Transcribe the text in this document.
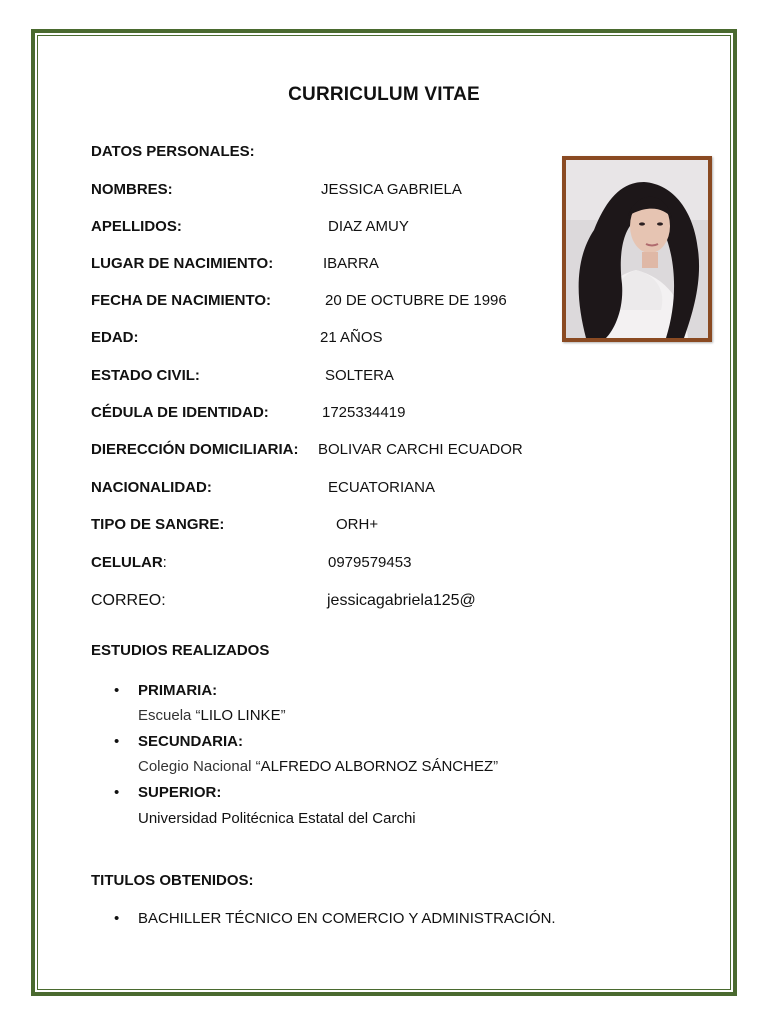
CURRICULUM VITAE
DATOS PERSONALES:
NOMBRES:	JESSICA GABRIELA
APELLIDOS:	DIAZ AMUY
LUGAR DE NACIMIENTO:	IBARRA
FECHA DE NACIMIENTO:	20 DE OCTUBRE DE 1996
EDAD:	21 AÑOS
ESTADO CIVIL:	SOLTERA
CÉDULA DE IDENTIDAD:	1725334419
DIERECCIÓN DOMICILIARIA: BOLIVAR CARCHI ECUADOR
NACIONALIDAD:	ECUATORIANA
TIPO DE SANGRE:	ORH+
CELULAR:	0979579453
CORREO:	jessicagabriela125@
ESTUDIOS REALIZADOS
• PRIMARIA:
Escuela “LILO LINKE”
• SECUNDARIA:
Colegio Nacional “ALFREDO ALBORNOZ SÁNCHEZ”
• SUPERIOR:
Universidad Politécnica Estatal del Carchi
TITULOS OBTENIDOS:
• BACHILLER TÉCNICO EN COMERCIO Y ADMINISTRACIÓN.
